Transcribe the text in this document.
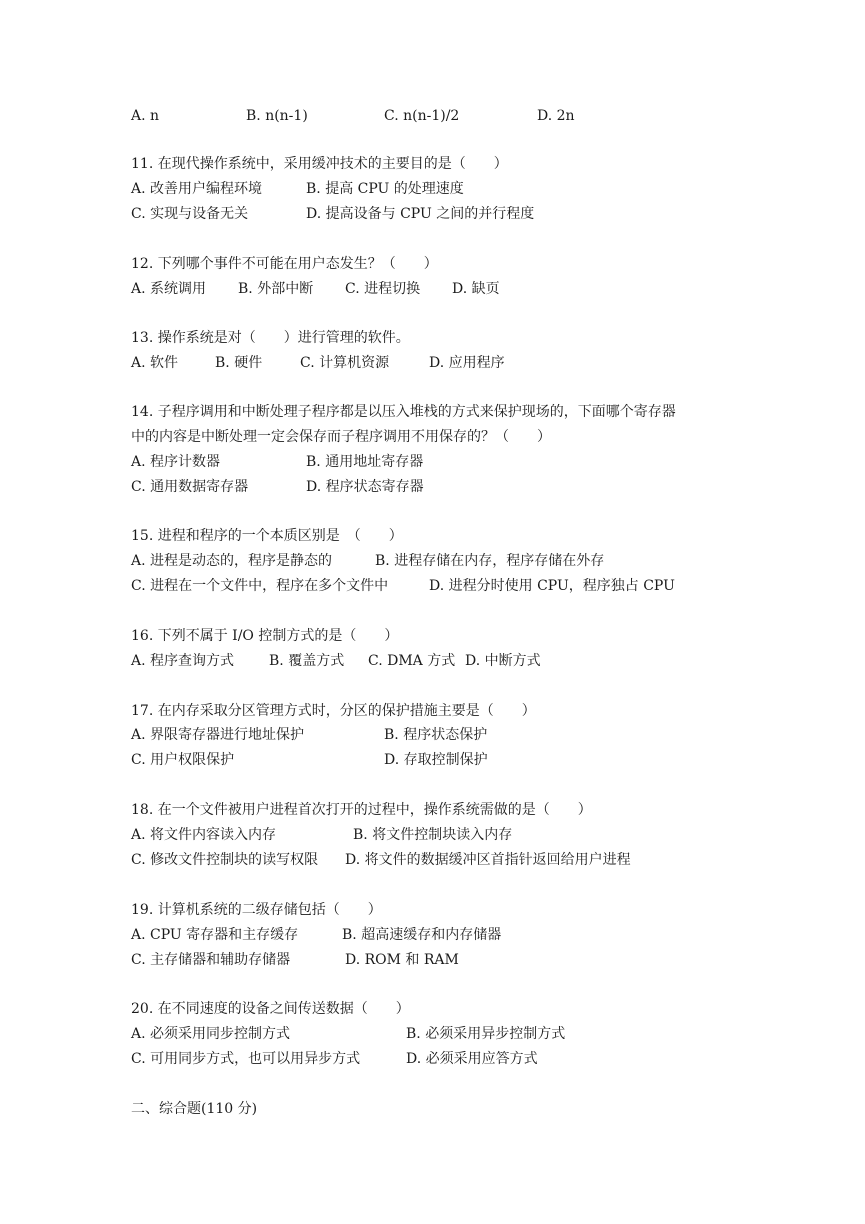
A. n	B. n(n-1)	C. n(n-1)/2	D. 2n
11. 在现代操作系统中，采用缓冲技术的主要目的是（　　）
A. 改善用户编程环境	B. 提高 CPU 的处理速度
C. 实现与设备无关	D. 提高设备与 CPU 之间的并行程度
12. 下列哪个事件不可能在用户态发生？（　　）
A. 系统调用 B. 外部中断 C. 进程切换 D. 缺页
13. 操作系统是对（　　）进行管理的软件。
A. 软件	B. 硬件	C. 计算机资源	D. 应用程序
14. 子程序调用和中断处理子程序都是以压入堆栈的方式来保护现场的，下面哪个寄存器
中的内容是中断处理一定会保存而子程序调用不用保存的？（　　）
A. 程序计数器	B. 通用地址寄存器
C. 通用数据寄存器	D. 程序状态寄存器
15. 进程和程序的一个本质区别是　（　　）
A. 进程是动态的，程序是静态的	B. 进程存储在内存，程序存储在外存
C. 进程在一个文件中，程序在多个文件中	D. 进程分时使用 CPU，程序独占 CPU
16. 下列不属于 I/O 控制方式的是（　　）
A. 程序查询方式 B. 覆盖方式 C. DMA 方式 D. 中断方式
17. 在内存采取分区管理方式时，分区的保护措施主要是（　　）
A. 界限寄存器进行地址保护	B. 程序状态保护
C. 用户权限保护	D. 存取控制保护
18. 在一个文件被用户进程首次打开的过程中，操作系统需做的是（　　）
A. 将文件内容读入内存	B. 将文件控制块读入内存
C. 修改文件控制块的读写权限 D. 将文件的数据缓冲区首指针返回给用户进程
19. 计算机系统的二级存储包括（　　）
A. CPU 寄存器和主存缓存	B. 超高速缓存和内存储器
C. 主存储器和辅助存储器	D. ROM 和 RAM
20. 在不同速度的设备之间传送数据（　　）
A. 必须采用同步控制方式	B. 必须采用异步控制方式
C. 可用同步方式，也可以用异步方式	D. 必须采用应答方式
二、综合题(110 分)
